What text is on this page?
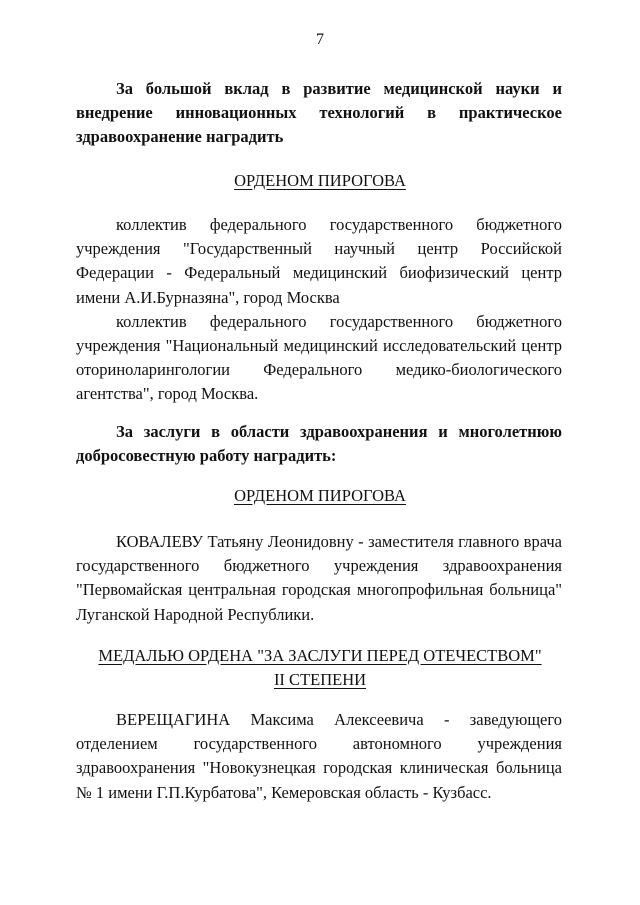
7
За большой вклад в развитие медицинской науки и внедрение инновационных технологий в практическое здравоохранение наградить
ОРДЕНОМ ПИРОГОВА

коллектив федерального государственного бюджетного учреждения "Государственный научный центр Российской Федерации - Федеральный медицинский биофизический центр имени А.И.Бурназяна", город Москва

коллектив федерального государственного бюджетного учреждения "Национальный медицинский исследовательский центр оториноларингологии Федерального медико-биологического агентства", город Москва.

За заслуги в области здравоохранения и многолетнюю добросовестную работу наградить:
ОРДЕНОМ ПИРОГОВА
КОВАЛЕВУ Татьяну Леонидовну - заместителя главного врача государственного бюджетного учреждения здравоохранения "Первомайская центральная городская многопрофильная больница" Луганской Народной Республики.
МЕДАЛЬЮ ОРДЕНА "ЗА ЗАСЛУГИ ПЕРЕД ОТЕЧЕСТВОМ"
II СТЕПЕНИ
ВЕРЕЩАГИНА Максима Алексеевича - заведующего отделением государственного автономного учреждения здравоохранения "Новокузнецкая городская клиническая больница № 1 имени Г.П.Курбатова", Кемеровская область - Кузбасс.
